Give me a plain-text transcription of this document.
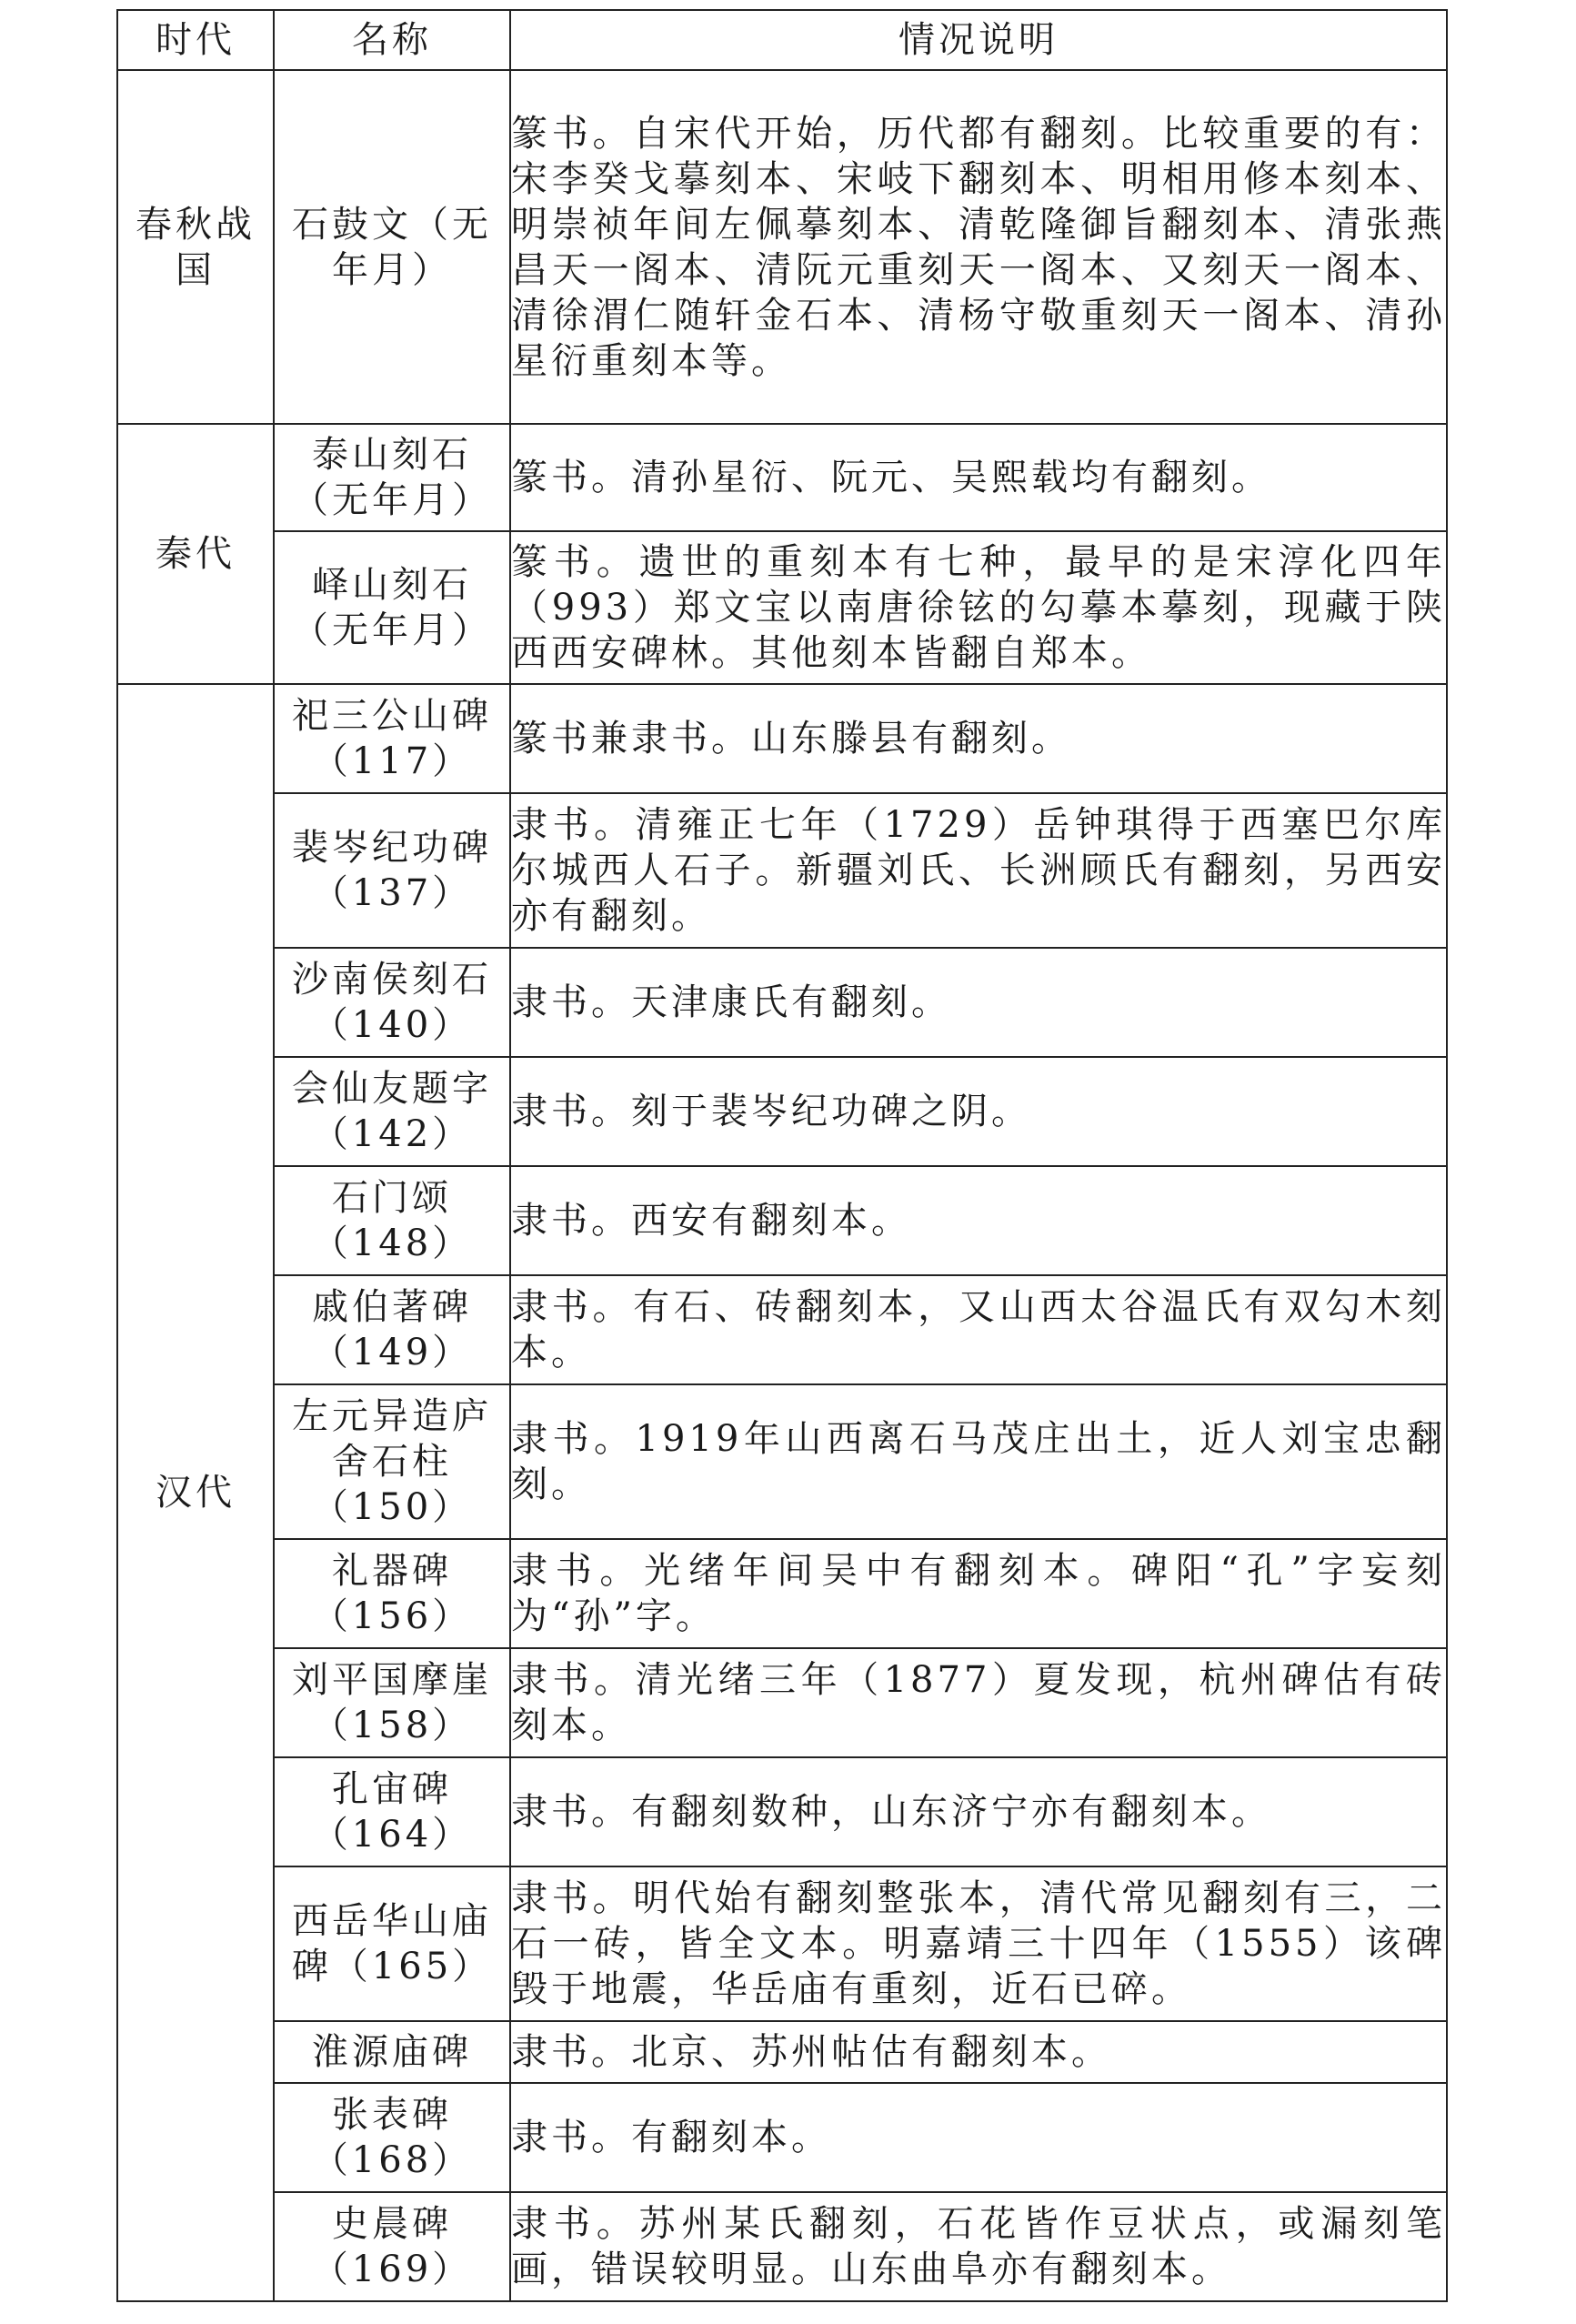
时代	名称	情况说明
春秋战国	石鼓文（无年月）	篆书。自宋代开始，历代都有翻刻。比较重要的有：宋李癸戈摹刻本、宋岐下翻刻本、明相用修本刻本、明崇祯年间左佩摹刻本、清乾隆御旨翻刻本、清张燕昌天一阁本、清阮元重刻天一阁本、又刻天一阁本、清徐渭仁随轩金石本、清杨守敬重刻天一阁本、清孙星衍重刻本等。

秦代	泰山刻石（无年月）	篆书。清孙星衍、阮元、吴熙载均有翻刻。

	峄山刻石（无年月）	篆书。遗世的重刻本有七种，最早的是宋淳化四年（993）郑文宝以南唐徐铉的勾摹本摹刻，现藏于陕西西安碑林。其他刻本皆翻自郑本。

汉代	祀三公山碑（117）	篆书兼隶书。山东滕县有翻刻。

	裴岑纪功碑（137）	隶书。清雍正七年（1729）岳钟琪得于西塞巴尔库尔城西人石子。新疆刘氏、长洲顾氏有翻刻，另西安亦有翻刻。

	沙南侯刻石（140）	隶书。天津康氏有翻刻。

	会仙友题字（142）	隶书。刻于裴岑纪功碑之阴。

	石门颂（148）	隶书。西安有翻刻本。

	戚伯著碑（149）	隶书。有石、砖翻刻本，又山西太谷温氏有双勾木刻本。

	左元异造庐舍石柱（150）	隶书。1919年山西离石马茂庄出土，近人刘宝忠翻刻。

	礼器碑（156）	隶书。光绪年间吴中有翻刻本。碑阳“孔”字妄刻为“孙”字。

	刘平国摩崖（158）	隶书。清光绪三年（1877）夏发现，杭州碑估有砖刻本。

	孔宙碑（164）	隶书。有翻刻数种，山东济宁亦有翻刻本。

	西岳华山庙碑（165）	隶书。明代始有翻刻整张本，清代常见翻刻有三，二石一砖，皆全文本。明嘉靖三十四年（1555）该碑毁于地震，华岳庙有重刻，近石已碎。

	淮源庙碑	隶书。北京、苏州帖估有翻刻本。

	张表碑（168）	隶书。有翻刻本。

	史晨碑（169）	隶书。苏州某氏翻刻，石花皆作豆状点，或漏刻笔画，错误较明显。山东曲阜亦有翻刻本。
